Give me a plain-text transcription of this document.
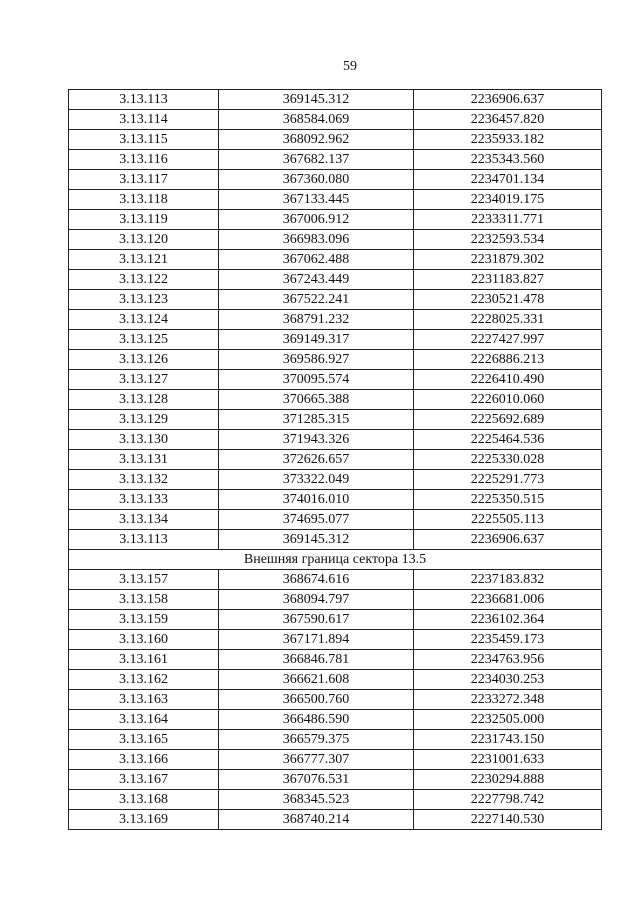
59
3.13.113	369145.312	2236906.637
3.13.114	368584.069	2236457.820
3.13.115	368092.962	2235933.182
3.13.116	367682.137	2235343.560
3.13.117	367360.080	2234701.134
3.13.118	367133.445	2234019.175
3.13.119	367006.912	2233311.771
3.13.120	366983.096	2232593.534
3.13.121	367062.488	2231879.302
3.13.122	367243.449	2231183.827
3.13.123	367522.241	2230521.478
3.13.124	368791.232	2228025.331
3.13.125	369149.317	2227427.997
3.13.126	369586.927	2226886.213
3.13.127	370095.574	2226410.490
3.13.128	370665.388	2226010.060
3.13.129	371285.315	2225692.689
3.13.130	371943.326	2225464.536
3.13.131	372626.657	2225330.028
3.13.132	373322.049	2225291.773
3.13.133	374016.010	2225350.515
3.13.134	374695.077	2225505.113
3.13.113	369145.312	2236906.637
Внешняя граница сектора 13.5		
3.13.157	368674.616	2237183.832
3.13.158	368094.797	2236681.006
3.13.159	367590.617	2236102.364
3.13.160	367171.894	2235459.173
3.13.161	366846.781	2234763.956
3.13.162	366621.608	2234030.253
3.13.163	366500.760	2233272.348
3.13.164	366486.590	2232505.000
3.13.165	366579.375	2231743.150
3.13.166	366777.307	2231001.633
3.13.167	367076.531	2230294.888
3.13.168	368345.523	2227798.742
3.13.169	368740.214	2227140.530
